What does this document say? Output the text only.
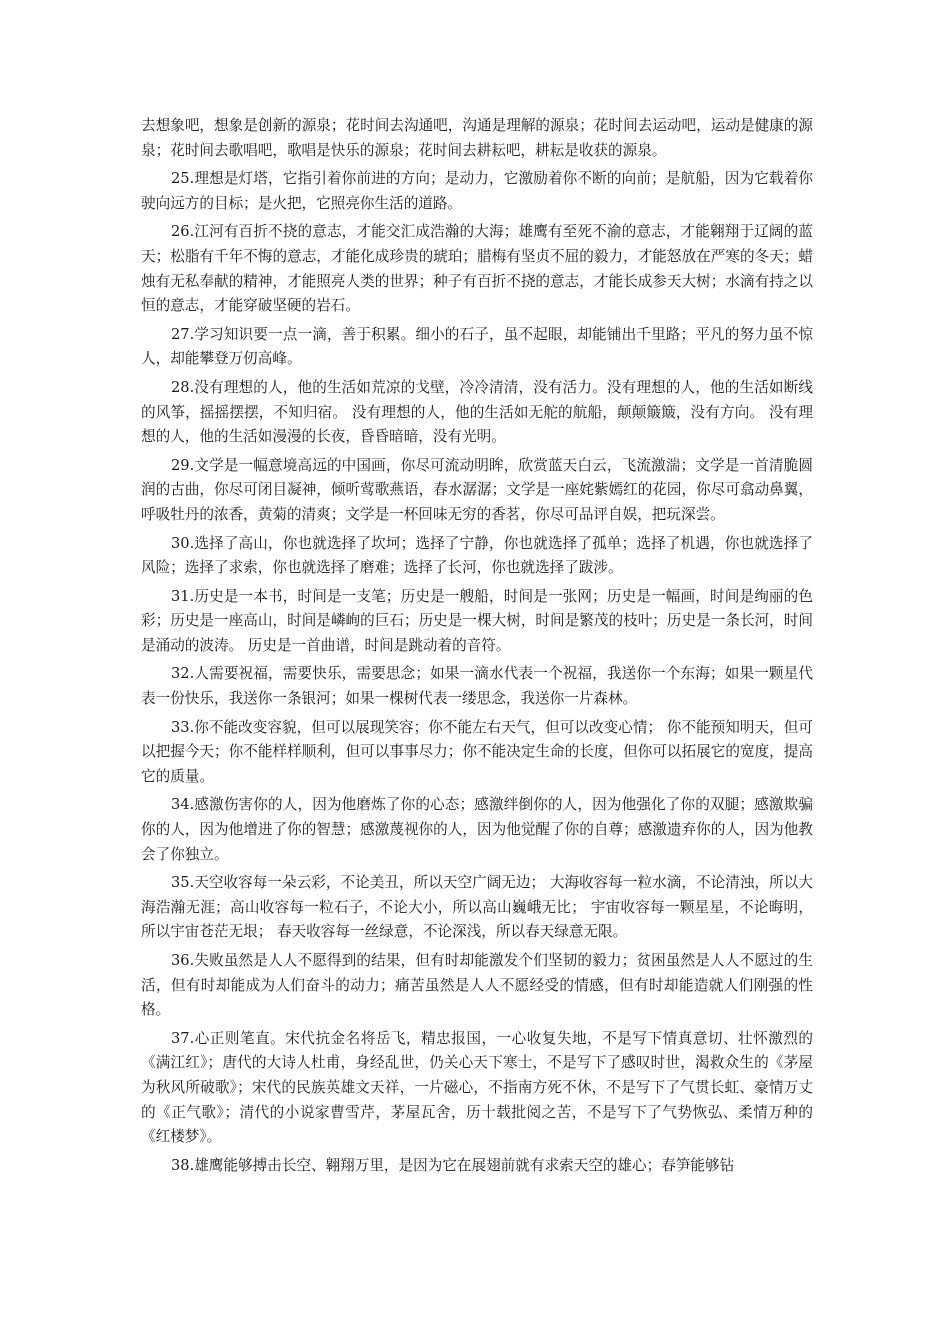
去想象吧，想象是创新的源泉；花时间去沟通吧，沟通是理解的源泉；花时间去运动吧，运动是健康的源泉；花时间去歌唱吧，歌唱是快乐的源泉；花时间去耕耘吧，耕耘是收获的源泉。

25.理想是灯塔，它指引着你前进的方向；是动力，它激励着你不断的向前；是航船，因为它载着你驶向远方的目标；是火把，它照亮你生活的道路。

26.江河有百折不挠的意志，才能交汇成浩瀚的大海；雄鹰有至死不渝的意志，才能翱翔于辽阔的蓝天；松脂有千年不悔的意志，才能化成珍贵的琥珀；腊梅有坚贞不屈的毅力，才能怒放在严寒的冬天；蜡烛有无私奉献的精神，才能照亮人类的世界；种子有百折不挠的意志，才能长成参天大树；水滴有持之以恒的意志，才能穿破坚硬的岩石。

27.学习知识要一点一滴，善于积累。细小的石子，虽不起眼，却能铺出千里路；平凡的努力虽不惊人，却能攀登万仞高峰。

28.没有理想的人，他的生活如荒凉的戈壁，冷冷清清，没有活力。没有理想的人，他的生活如断线的风筝，摇摇摆摆，不知归宿。 没有理想的人，他的生活如无舵的航船，颠颠簸簸，没有方向。 没有理想的人，他的生活如漫漫的长夜，昏昏暗暗，没有光明。

29.文学是一幅意境高远的中国画，你尽可流动明眸，欣赏蓝天白云，飞流激湍；文学是一首清脆圆润的古曲，你尽可闭目凝神，倾听莺歌燕语，春水潺潺；文学是一座姹紫嫣红的花园，你尽可翕动鼻翼，呼吸牡丹的浓香，黄菊的清爽；文学是一杯回味无穷的香茗，你尽可品评自娱，把玩深尝。

30.选择了高山，你也就选择了坎坷；选择了宁静，你也就选择了孤单；选择了机遇，你也就选择了风险；选择了求索，你也就选择了磨难；选择了长河，你也就选择了跋涉。

31.历史是一本书，时间是一支笔；历史是一艘船，时间是一张网；历史是一幅画，时间是绚丽的色彩；历史是一座高山，时间是嶙峋的巨石；历史是一棵大树，时间是繁茂的枝叶；历史是一条长河，时间是涌动的波涛。 历史是一首曲谱，时间是跳动着的音符。

32.人需要祝福，需要快乐，需要思念；如果一滴水代表一个祝福，我送你一个东海；如果一颗星代表一份快乐，我送你一条银河；如果一棵树代表一缕思念，我送你一片森林。

33.你不能改变容貌，但可以展现笑容；你不能左右天气，但可以改变心情； 你不能预知明天，但可以把握今天；你不能样样顺利，但可以事事尽力；你不能决定生命的长度，但你可以拓展它的宽度，提高它的质量。

34.感激伤害你的人，因为他磨炼了你的心态；感激绊倒你的人，因为他强化了你的双腿；感激欺骗你的人，因为他增进了你的智慧；感激蔑视你的人，因为他觉醒了你的自尊；感激遗弃你的人，因为他教会了你独立。

35.天空收容每一朵云彩，不论美丑，所以天空广阔无边； 大海收容每一粒水滴，不论清浊，所以大海浩瀚无涯；高山收容每一粒石子，不论大小，所以高山巍峨无比； 宇宙收容每一颗星星，不论晦明，所以宇宙苍茫无垠； 春天收容每一丝绿意，不论深浅，所以春天绿意无限。

36.失败虽然是人人不愿得到的结果，但有时却能激发个们坚韧的毅力；贫困虽然是人人不愿过的生活，但有时却能成为人们奋斗的动力；痛苦虽然是人人不愿经受的情感，但有时却能造就人们刚强的性格。

37.心正则笔直。宋代抗金名将岳飞，精忠报国，一心收复失地，不是写下情真意切、壮怀激烈的《满江红》；唐代的大诗人杜甫，身经乱世，仍关心天下寒士，不是写下了感叹时世，渴救众生的《茅屋为秋风所破歌》；宋代的民族英雄文天祥，一片磁心，不指南方死不休，不是写下了气贯长虹、豪情万丈的《正气歌》；清代的小说家曹雪芹，茅屋瓦舍，历十载批阅之苦，不是写下了气势恢弘、柔情万种的《红楼梦》。

38.雄鹰能够搏击长空、翱翔万里，是因为它在展翅前就有求索天空的雄心；春笋能够钻
